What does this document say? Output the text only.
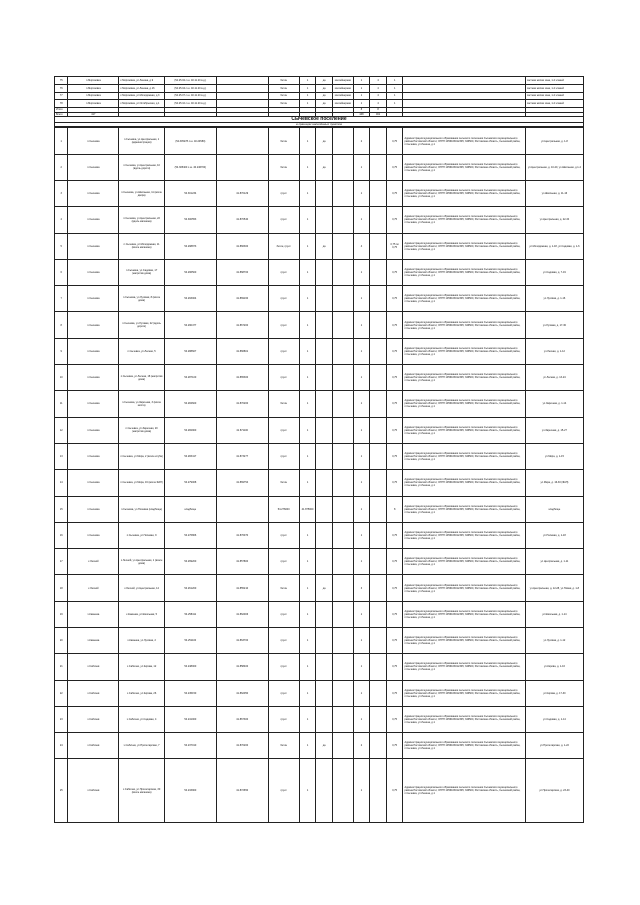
75	п.Морозовка	с.Морозовка, ул.Ленина, д.9	(54.25.02 с.ш. 40.11.20 в.д.)		бетон	1	да	контейнерная	1	4	1		частная жилая зона, 1-2 этажей
76	п.Морозовка	с.Морозовка, ул.Ленина, д.16	(54.25.04 с.ш. 40.11.20 в.д.)		бетон	1	да	контейнерная	1	4	1		частная жилая зона, 1-2 этажей
77	п.Морозовка	с.Морозовка, ул.Молодёжная, д.3	(54.25.07 с.ш. 40.11.20 в.д.)		бетон	1	да	контейнерная	1	4	1		частная жилая зона, 1-2 этажей
78	п.Морозовка	с.Морозовка, ул.Октябрьская, д.1	(54.25.10 с.ш. 40.11.20 в.д.)		бетон	1	да	контейнерная	1	4	1		частная жилая зона, 1-2 этажей
Итого									8	8			
Всего	417								448	461			
Сычевское поселение
в границах населённых пунктов
1	п.Сычевка	п.Сычевка, ул.Центральная, 1 (администрация)	(54.305278 с.ш. 40.24580)		бетон	1	да		2		0,75	Администрация муниципального образования сельского поселения Сычевского муниципального района Ростовской области; ОГРН 1056163012345; 346500, Ростовская область, Сычевский район, п.Сычевка, ул.Ленина, д.1	ул.Центральная, д. 1-8
2	п.Сычевка	п.Сычевка, ул.Центральная, 10 (вдоль дороги)	(54.305400 с.ш. 40.246700)		бетон	1	да		1		0,75	Администрация муниципального образования сельского поселения Сычевского муниципального района Ростовской области; ОГРН 1056163012345; 346500, Ростовская область, Сычевский район, п.Сычевка, ул.Ленина, д.1	ул.Центральная, д. 10-20, ул.Школьная, д.1-4
3	п.Сычевка	п.Сычевка, ул.Школьная, 11 (возле двора)	54.301234	41.870129	грунт	1			1		0,75	Администрация муниципального образования сельского поселения Сычевского муниципального района Ростовской области; ОГРН 1056163012345; 346500, Ростовская область, Сычевский район, п.Сычевка, ул.Ленина, д.1	ул.Школьная, д. 11-16
4	п.Сычевка	п.Сычевка, ул.Центральная, 22 (вдоль магазина)	54.300553	41.870540	грунт	1			1		0,75	Администрация муниципального образования сельского поселения Сычевского муниципального района Ростовской области; ОГРН 1056163012345; 346500, Ростовская область, Сычевский район, п.Сычевка, ул.Ленина, д.1	ул.Центральная, д. 22-34
5	п.Сычевка	п.Сычевка, ул.Молодёжная, 11 (возле магазина)	54.298873	41.866300	бетон, грунт	1	да		4		0,75 по 0,75	Администрация муниципального образования сельского поселения Сычевского муниципального района Ростовской области; ОГРН 1056163012345; 346500, Ростовская область, Сычевский район, п.Сычевка, ул.Ленина, д.1	ул.Молодёжная, д. 1-18, ул.Садовая, д. 1-6
6	п.Сычевка	п.Сычевка, ул.Садовая, 17 (напротив дома)	54.296500	41.868700	грунт	1			1		0,75	Администрация муниципального образования сельского поселения Сычевского муниципального района Ростовской области; ОГРН 1056163012345; 346500, Ростовская область, Сычевский район, п.Сычевка, ул.Ленина, д.1	ул.Садовая, д. 7-19
7	п.Сычевка	п.Сычевка, ул.Луговая, 8 (возле дома)	54.293004	41.869160	грунт	1			1		0,75	Администрация муниципального образования сельского поселения Сычевского муниципального района Ростовской области; ОГРН 1056163012345; 346500, Ростовская область, Сычевский район, п.Сычевка, ул.Ленина, д.1	ул.Луговая, д. 1-16
8	п.Сычевка	п.Сычевка, ул.Луговая, 22 (вдоль дороги)	54.290477	41.867200	грунт	1			1		0,75	Администрация муниципального образования сельского поселения Сычевского муниципального района Ростовской области; ОГРН 1056163012345; 346500, Ростовская область, Сычевский район, п.Сычевка, ул.Ленина, д.1	ул.Луговая, д. 17-30
9	п.Сычевка	п.Сычевка, ул.Лесная, 5	54.288607	41.866801	грунт	1			1		0,75	Администрация муниципального образования сельского поселения Сычевского муниципального района Ростовской области; ОГРН 1056163012345; 346500, Ростовская область, Сычевский район, п.Сычевка, ул.Ленина, д.1	ул.Лесная, д. 1-12
10	п.Сычевка	п.Сычевка, ул.Лесная, 18 (напротив дома)	54.287100	41.865300	грунт	1			1		0,75	Администрация муниципального образования сельского поселения Сычевского муниципального района Ростовской области; ОГРН 1056163012345; 346500, Ростовская область, Сычевский район, п.Сычевка, ул.Ленина, д.1	ул.Лесная, д. 13-24
11	п.Сычевка	п.Сычевка, ул.Заречная, 3 (возле моста)	54.284600	41.870200	бетон	1			1		0,75	Администрация муниципального образования сельского поселения Сычевского муниципального района Ростовской области; ОГРН 1056163012345; 346500, Ростовская область, Сычевский район, п.Сычевка, ул.Ленина, д.1	ул.Заречная, д. 1-14
12	п.Сычевка	п.Сычевка, ул.Заречная, 20 (напротив дома)	54.282900	41.871100	грунт	1			1		0,75	Администрация муниципального образования сельского поселения Сычевского муниципального района Ростовской области; ОГРН 1056163012345; 346500, Ростовская область, Сычевский район, п.Сычевка, ул.Ленина, д.1	ул.Заречная, д. 15-27
13	п.Сычевка	п.Сычевка, ул.Мира, 2 (возле клуба)	54.283417	41.873277	грунт	1			1		0,75	Администрация муниципального образования сельского поселения Сычевского муниципального района Ростовской области; ОГРН 1056163012345; 346500, Ростовская область, Сычевский район, п.Сычевка, ул.Ленина, д.1	ул.Мира, д. 1-15
14	п.Сычевка	п.Сычевка, ул.Мира, 16 (возле ФАП)	54.279008	41.869754	бетон	1			1		0,75	Администрация муниципального образования сельского поселения Сычевского муниципального района Ростовской области; ОГРН 1056163012345; 346500, Ростовская область, Сычевский район, п.Сычевка, ул.Ленина, д.1	ул.Мира, д. 16-30 (ФАП)
15	п.Сычевка	п.Сычевка, ул.Полевая (кладбище)	кладбище		54.276000	41.875000			1		8	Администрация муниципального образования сельского поселения Сычевского муниципального района Ростовской области; ОГРН 1056163012345; 346500, Ростовская область, Сычевский район, п.Сычевка, ул.Ленина, д.1	кладбище
16	п.Сычевка	п.Сычевка, ул.Полевая, 9	54.276806	41.876070	грунт	1			1		0,75	Администрация муниципального образования сельского поселения Сычевского муниципального района Ростовской области; ОГРН 1056163012345; 346500, Ростовская область, Сычевский район, п.Сычевка, ул.Ленина, д.1	ул.Полевая, д. 1-18
17	х.Лесной	х.Лесной, ул.Центральная, 1 (возле дома)	54.269200	41.857800	грунт	1			1		0,75	Администрация муниципального образования сельского поселения Сычевского муниципального района Ростовской области; ОГРН 1056163012345; 346500, Ростовская область, Сычевский район, п.Сычевка, ул.Ленина, д.1	ул.Центральная, д. 1-11
18	х.Лесной	х.Лесной, ул.Центральная, 14	54.261200	41.855210	бетон	1	да		3		0,75	Администрация муниципального образования сельского поселения Сычевского муниципального района Ростовской области; ОГРН 1056163012345; 346500, Ростовская область, Сычевский район, п.Сычевка, ул.Ленина, д.1	ул.Центральная, д. 12-28, ул.Новая, д. 1-8
19	х.Каменка	х.Каменка, ул.Школьная, 5	54.258411	41.862006	грунт	1			1		0,75	Администрация муниципального образования сельского поселения Сычевского муниципального района Ростовской области; ОГРН 1056163012345; 346500, Ростовская область, Сычевский район, п.Сычевка, ул.Ленина, д.1	ул.Школьная, д. 1-14
20	х.Каменка	х.Каменка, ул.Луговая, 2	54.251100	41.863700	грунт	1			1		0,75	Администрация муниципального образования сельского поселения Сычевского муниципального района Ростовской области; ОГРН 1056163012345; 346500, Ростовская область, Сычевский район, п.Сычевка, ул.Ленина, д.1	ул.Луговая, д. 1-12
21	х.Сабичев	х.Сабичев, ул.Кирова, 12	54.248000	41.858400	грунт	1			1		0,75	Администрация муниципального образования сельского поселения Сычевского муниципального района Ростовской области; ОГРН 1056163012345; 346500, Ростовская область, Сычевский район, п.Сычевка, ул.Ленина, д.1	ул.Кирова, д. 1-16
22	х.Сабичев	х.Сабичев, ул.Кирова, 26	54.245150	41.862050	грунт	1			1		0,75	Администрация муниципального образования сельского поселения Сычевского муниципального района Ростовской области; ОГРН 1056163012345; 346500, Ростовская область, Сычевский район, п.Сычевка, ул.Ленина, д.1	ул.Кирова, д. 17-30
23	х.Сабичев	х.Сабичев, ул.Садовая, 4	54.241000	41.867300	грунт	1			1		0,75	Администрация муниципального образования сельского поселения Сычевского муниципального района Ростовской области; ОГРН 1056163012345; 346500, Ростовская область, Сычевский район, п.Сычевка, ул.Ленина, д.1	ул.Садовая, д. 1-14
24	х.Сабичев	х.Сабичев, ул.Пролетарская, 7	54.237010	41.870200	бетон	1	да		2		0,75	Администрация муниципального образования сельского поселения Сычевского муниципального района Ростовской области; ОГРН 1056163012345; 346500, Ростовская область, Сычевский район, п.Сычевка, ул.Ленина, д.1	ул.Пролетарская, д. 1-22
25	х.Сабичев	х.Сабичев, ул.Пролетарская, 30 (возле магазина)	54.233900	41.872650	грунт	1			1		0,75	Администрация муниципального образования сельского поселения Сычевского муниципального района Ростовской области; ОГРН 1056163012345; 346500, Ростовская область, Сычевский район, п.Сычевка, ул.Ленина, д.1	ул.Пролетарская, д. 23-40
